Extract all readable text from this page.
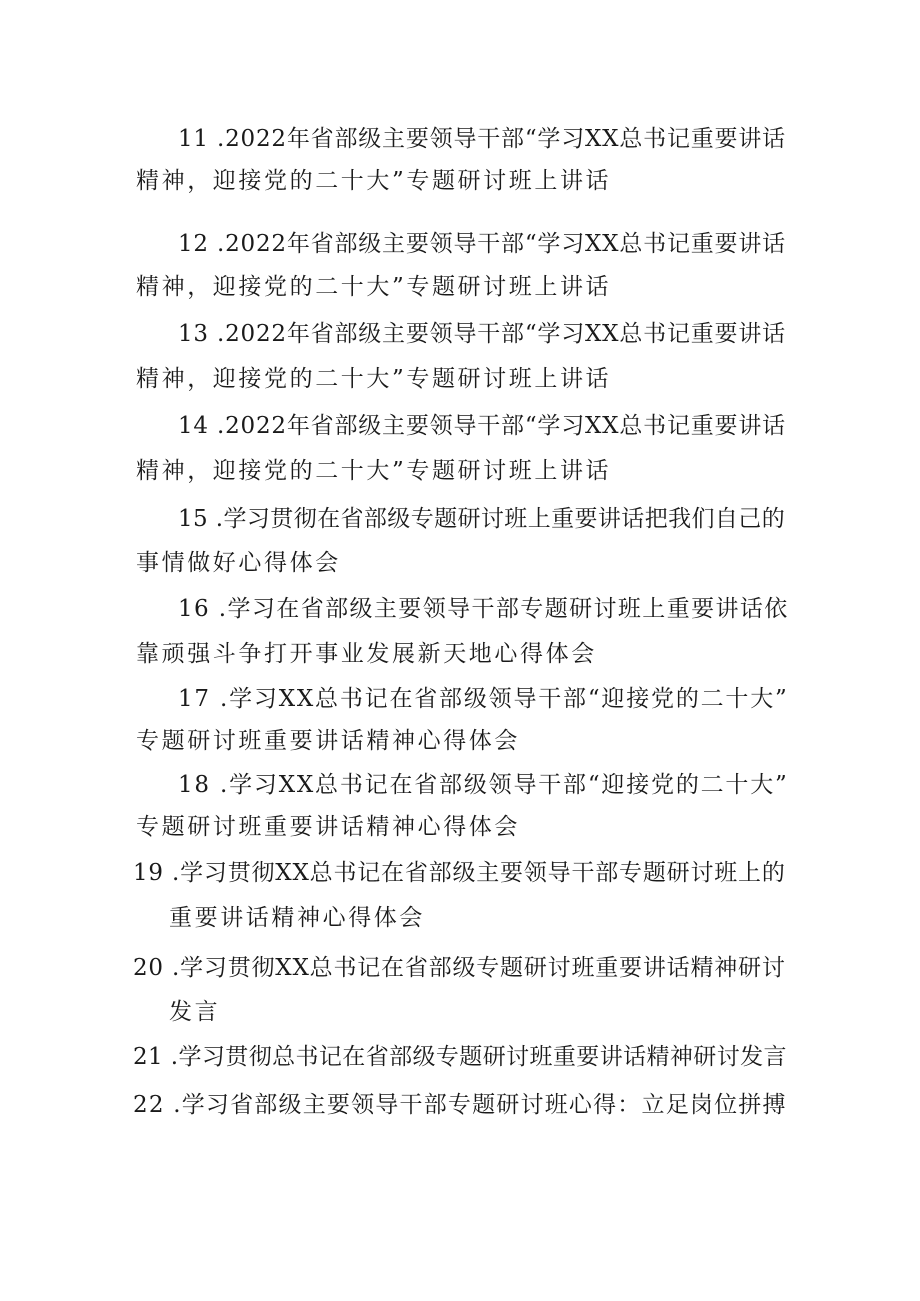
11 .2022年省部级主要领导干部“学习XX总书记重要讲话
精神，迎接党的二十大”专题研讨班上讲话
12 .2022年省部级主要领导干部“学习XX总书记重要讲话
精神，迎接党的二十大”专题研讨班上讲话
13 .2022年省部级主要领导干部“学习XX总书记重要讲话
精神，迎接党的二十大”专题研讨班上讲话
14 .2022年省部级主要领导干部“学习XX总书记重要讲话
精神，迎接党的二十大”专题研讨班上讲话
15 .学习贯彻在省部级专题研讨班上重要讲话把我们自己的
事情做好心得体会
16 .学习在省部级主要领导干部专题研讨班上重要讲话依
靠顽强斗争打开事业发展新天地心得体会
17 .学习XX总书记在省部级领导干部“迎接党的二十大”
专题研讨班重要讲话精神心得体会
18 .学习XX总书记在省部级领导干部“迎接党的二十大”
专题研讨班重要讲话精神心得体会
19 .学习贯彻XX总书记在省部级主要领导干部专题研讨班上的
重要讲话精神心得体会
20 .学习贯彻XX总书记在省部级专题研讨班重要讲话精神研讨
发言
21 .学习贯彻总书记在省部级专题研讨班重要讲话精神研讨发言
22 .学习省部级主要领导干部专题研讨班心得：立足岗位拼搏
